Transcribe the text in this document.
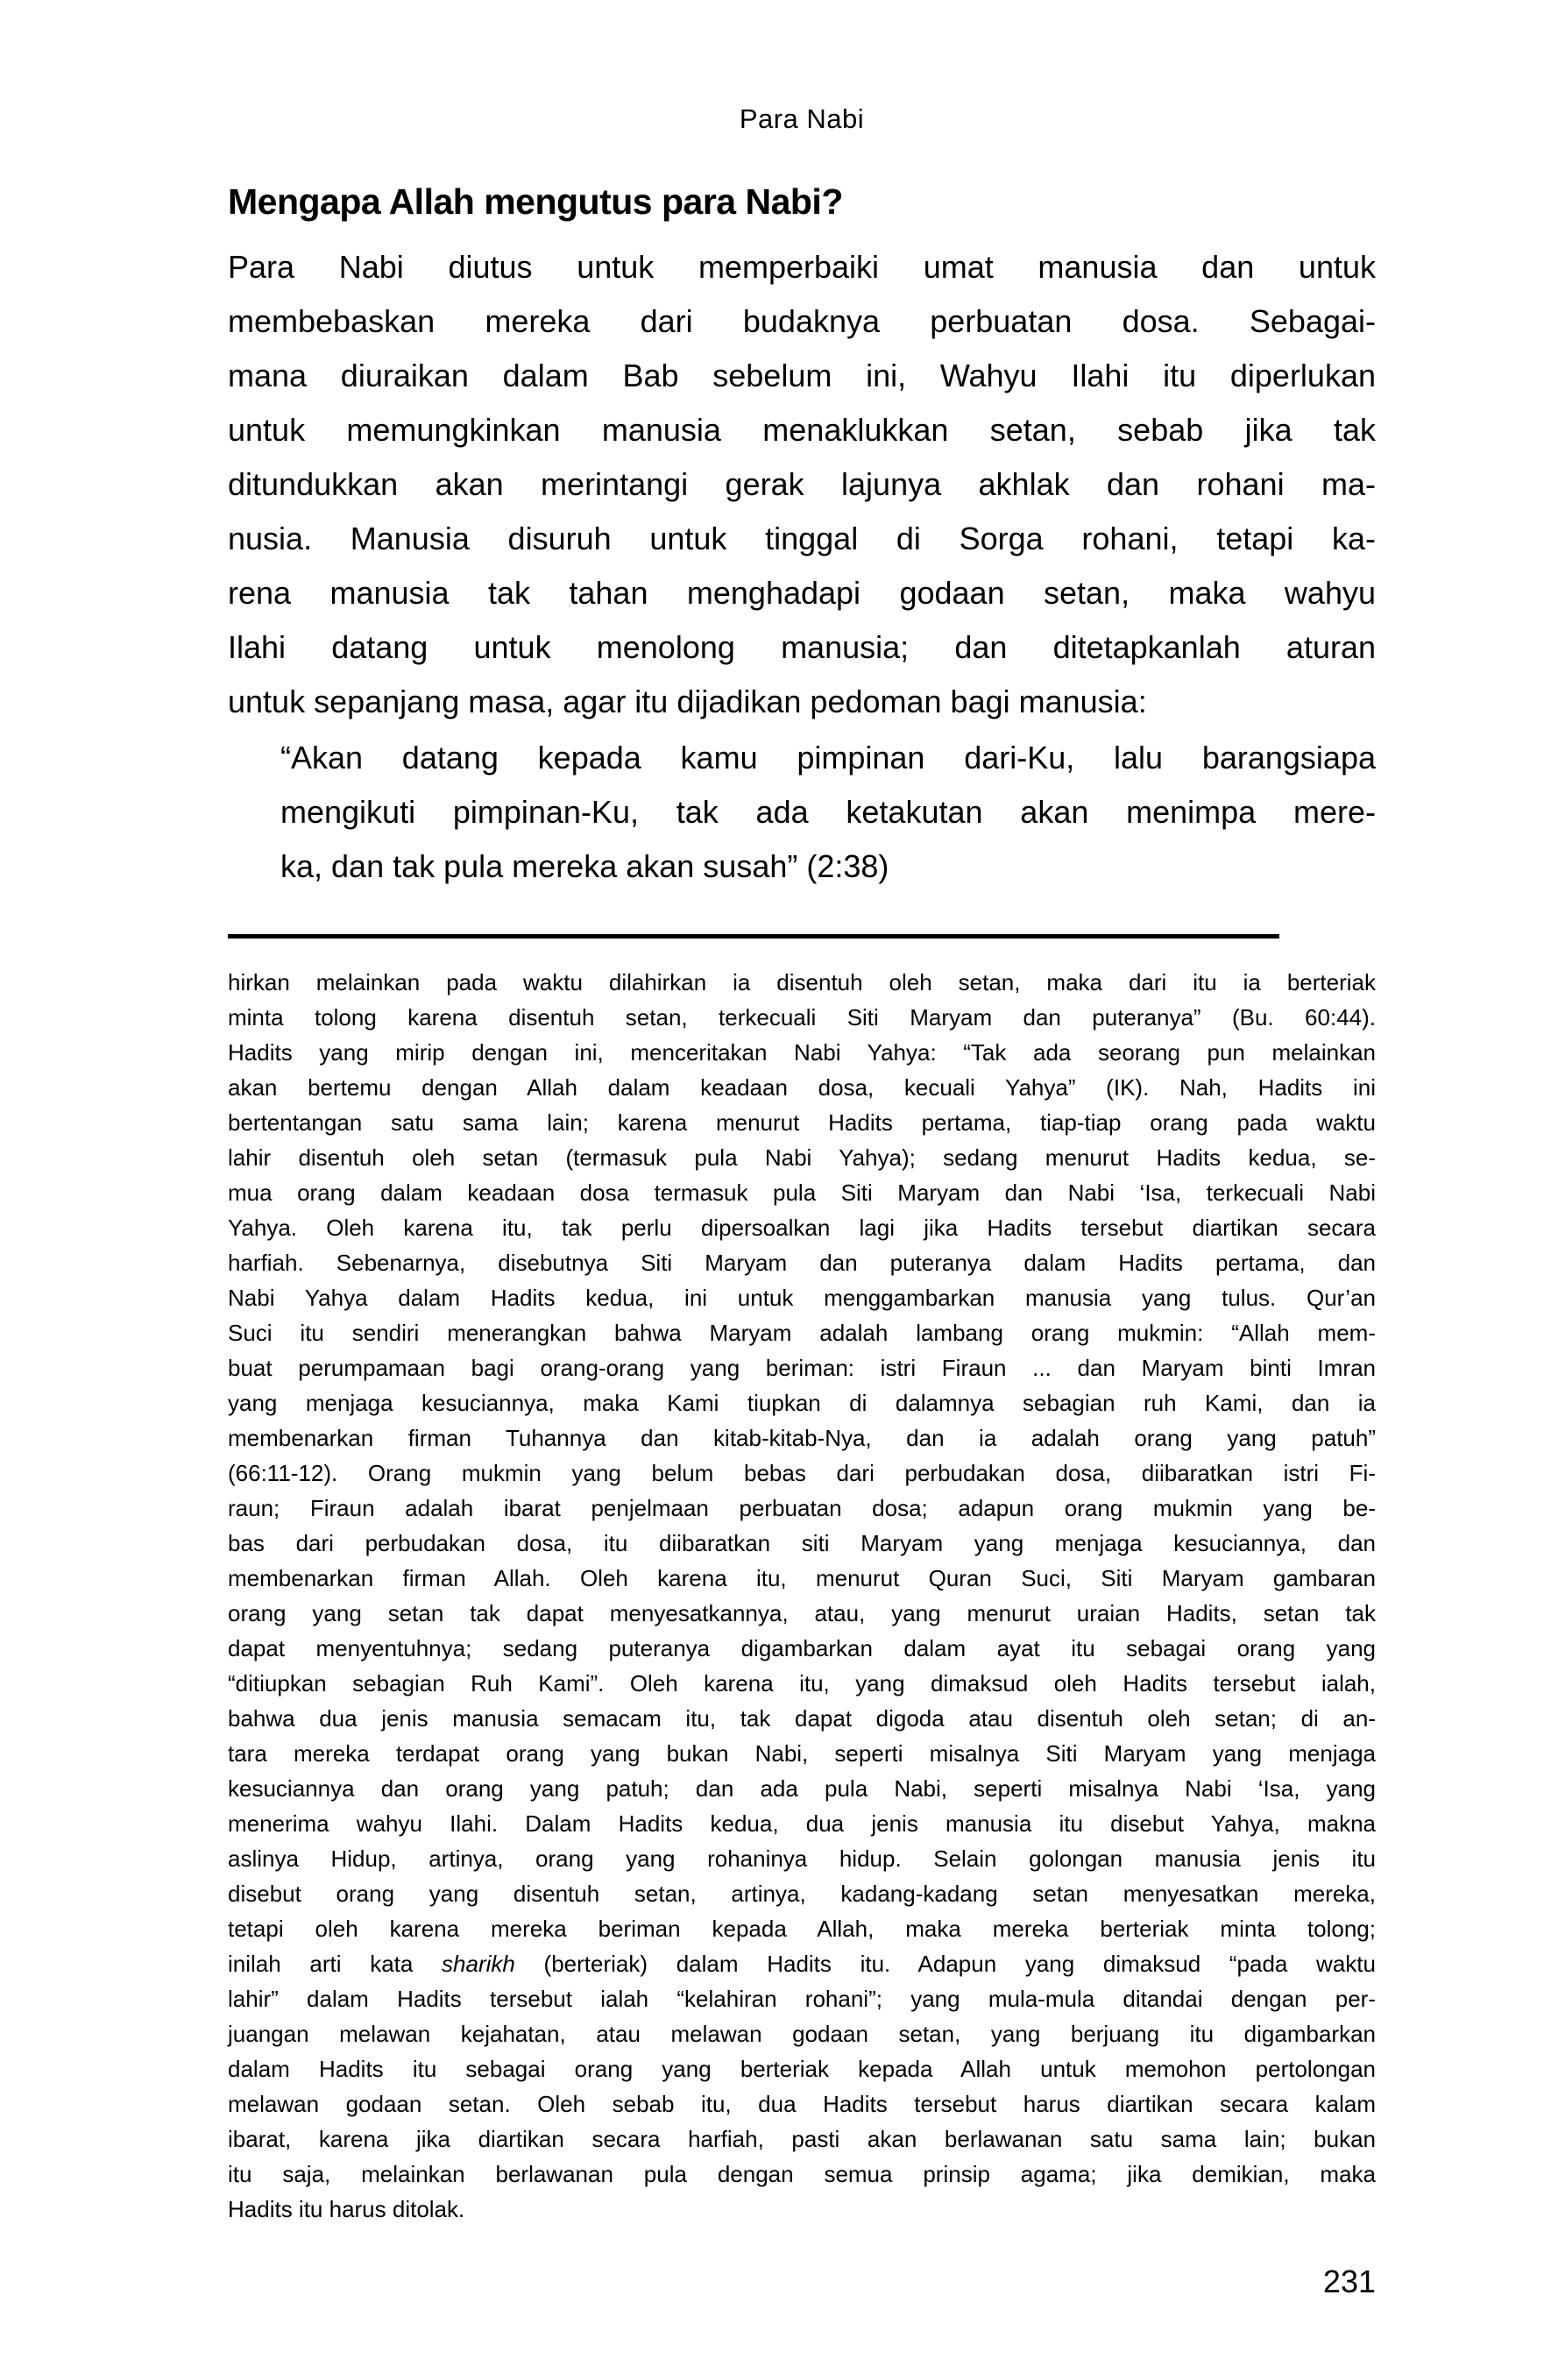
Para Nabi
Mengapa Allah mengutus para Nabi?
Para Nabi diutus untuk memperbaiki umat manusia dan untuk
membebaskan mereka dari budaknya perbuatan dosa. Sebagai-
mana diuraikan dalam Bab sebelum ini, Wahyu Ilahi itu diperlukan
untuk memungkinkan manusia menaklukkan setan, sebab jika tak
ditundukkan akan merintangi gerak lajunya akhlak dan rohani ma-
nusia. Manusia disuruh untuk tinggal di Sorga rohani, tetapi ka-
rena manusia tak tahan menghadapi godaan setan, maka wahyu
Ilahi datang untuk menolong manusia; dan ditetapkanlah aturan
untuk sepanjang masa, agar itu dijadikan pedoman bagi manusia:
“Akan datang kepada kamu pimpinan dari-Ku, lalu barangsiapa
mengikuti pimpinan-Ku, tak ada ketakutan akan menimpa mere-
ka, dan tak pula mereka akan susah” (2:38)
hirkan melainkan pada waktu dilahirkan ia disentuh oleh setan, maka dari itu ia berteriak
minta tolong karena disentuh setan, terkecuali Siti Maryam dan puteranya” (Bu. 60:44).
Hadits yang mirip dengan ini, menceritakan Nabi Yahya: “Tak ada seorang pun melainkan
akan bertemu dengan Allah dalam keadaan dosa, kecuali Yahya” (IK). Nah, Hadits ini
bertentangan satu sama lain; karena menurut Hadits pertama, tiap-tiap orang pada waktu
lahir disentuh oleh setan (termasuk pula Nabi Yahya); sedang menurut Hadits kedua, se-
mua orang dalam keadaan dosa termasuk pula Siti Maryam dan Nabi ‘Isa, terkecuali Nabi
Yahya. Oleh karena itu, tak perlu dipersoalkan lagi jika Hadits tersebut diartikan secara
harfiah. Sebenarnya, disebutnya Siti Maryam dan puteranya dalam Hadits pertama, dan
Nabi Yahya dalam Hadits kedua, ini untuk menggambarkan manusia yang tulus. Qur’an
Suci itu sendiri menerangkan bahwa Maryam adalah lambang orang mukmin: “Allah mem-
buat perumpamaan bagi orang-orang yang beriman: istri Firaun ... dan Maryam binti Imran
yang menjaga kesuciannya, maka Kami tiupkan di dalamnya sebagian ruh Kami, dan ia
membenarkan firman Tuhannya dan kitab-kitab-Nya, dan ia adalah orang yang patuh”
(66:11-12). Orang mukmin yang belum bebas dari perbudakan dosa, diibaratkan istri Fi-
raun; Firaun adalah ibarat penjelmaan perbuatan dosa; adapun orang mukmin yang be-
bas dari perbudakan dosa, itu diibaratkan siti Maryam yang menjaga kesuciannya, dan
membenarkan firman Allah. Oleh karena itu, menurut Quran Suci, Siti Maryam gambaran
orang yang setan tak dapat menyesatkannya, atau, yang menurut uraian Hadits, setan tak
dapat menyentuhnya; sedang puteranya digambarkan dalam ayat itu sebagai orang yang
“ditiupkan sebagian Ruh Kami”. Oleh karena itu, yang dimaksud oleh Hadits tersebut ialah,
bahwa dua jenis manusia semacam itu, tak dapat digoda atau disentuh oleh setan; di an-
tara mereka terdapat orang yang bukan Nabi, seperti misalnya Siti Maryam yang menjaga
kesuciannya dan orang yang patuh; dan ada pula Nabi, seperti misalnya Nabi ‘Isa, yang
menerima wahyu Ilahi. Dalam Hadits kedua, dua jenis manusia itu disebut Yahya, makna
aslinya Hidup, artinya, orang yang rohaninya hidup. Selain golongan manusia jenis itu
disebut orang yang disentuh setan, artinya, kadang-kadang setan menyesatkan mereka,
tetapi oleh karena mereka beriman kepada Allah, maka mereka berteriak minta tolong;
inilah arti kata sharikh (berteriak) dalam Hadits itu. Adapun yang dimaksud “pada waktu
lahir” dalam Hadits tersebut ialah “kelahiran rohani”; yang mula-mula ditandai dengan per-
juangan melawan kejahatan, atau melawan godaan setan, yang berjuang itu digambarkan
dalam Hadits itu sebagai orang yang berteriak kepada Allah untuk memohon pertolongan
melawan godaan setan. Oleh sebab itu, dua Hadits tersebut harus diartikan secara kalam
ibarat, karena jika diartikan secara harfiah, pasti akan berlawanan satu sama lain; bukan
itu saja, melainkan berlawanan pula dengan semua prinsip agama; jika demikian, maka
Hadits itu harus ditolak.
231
